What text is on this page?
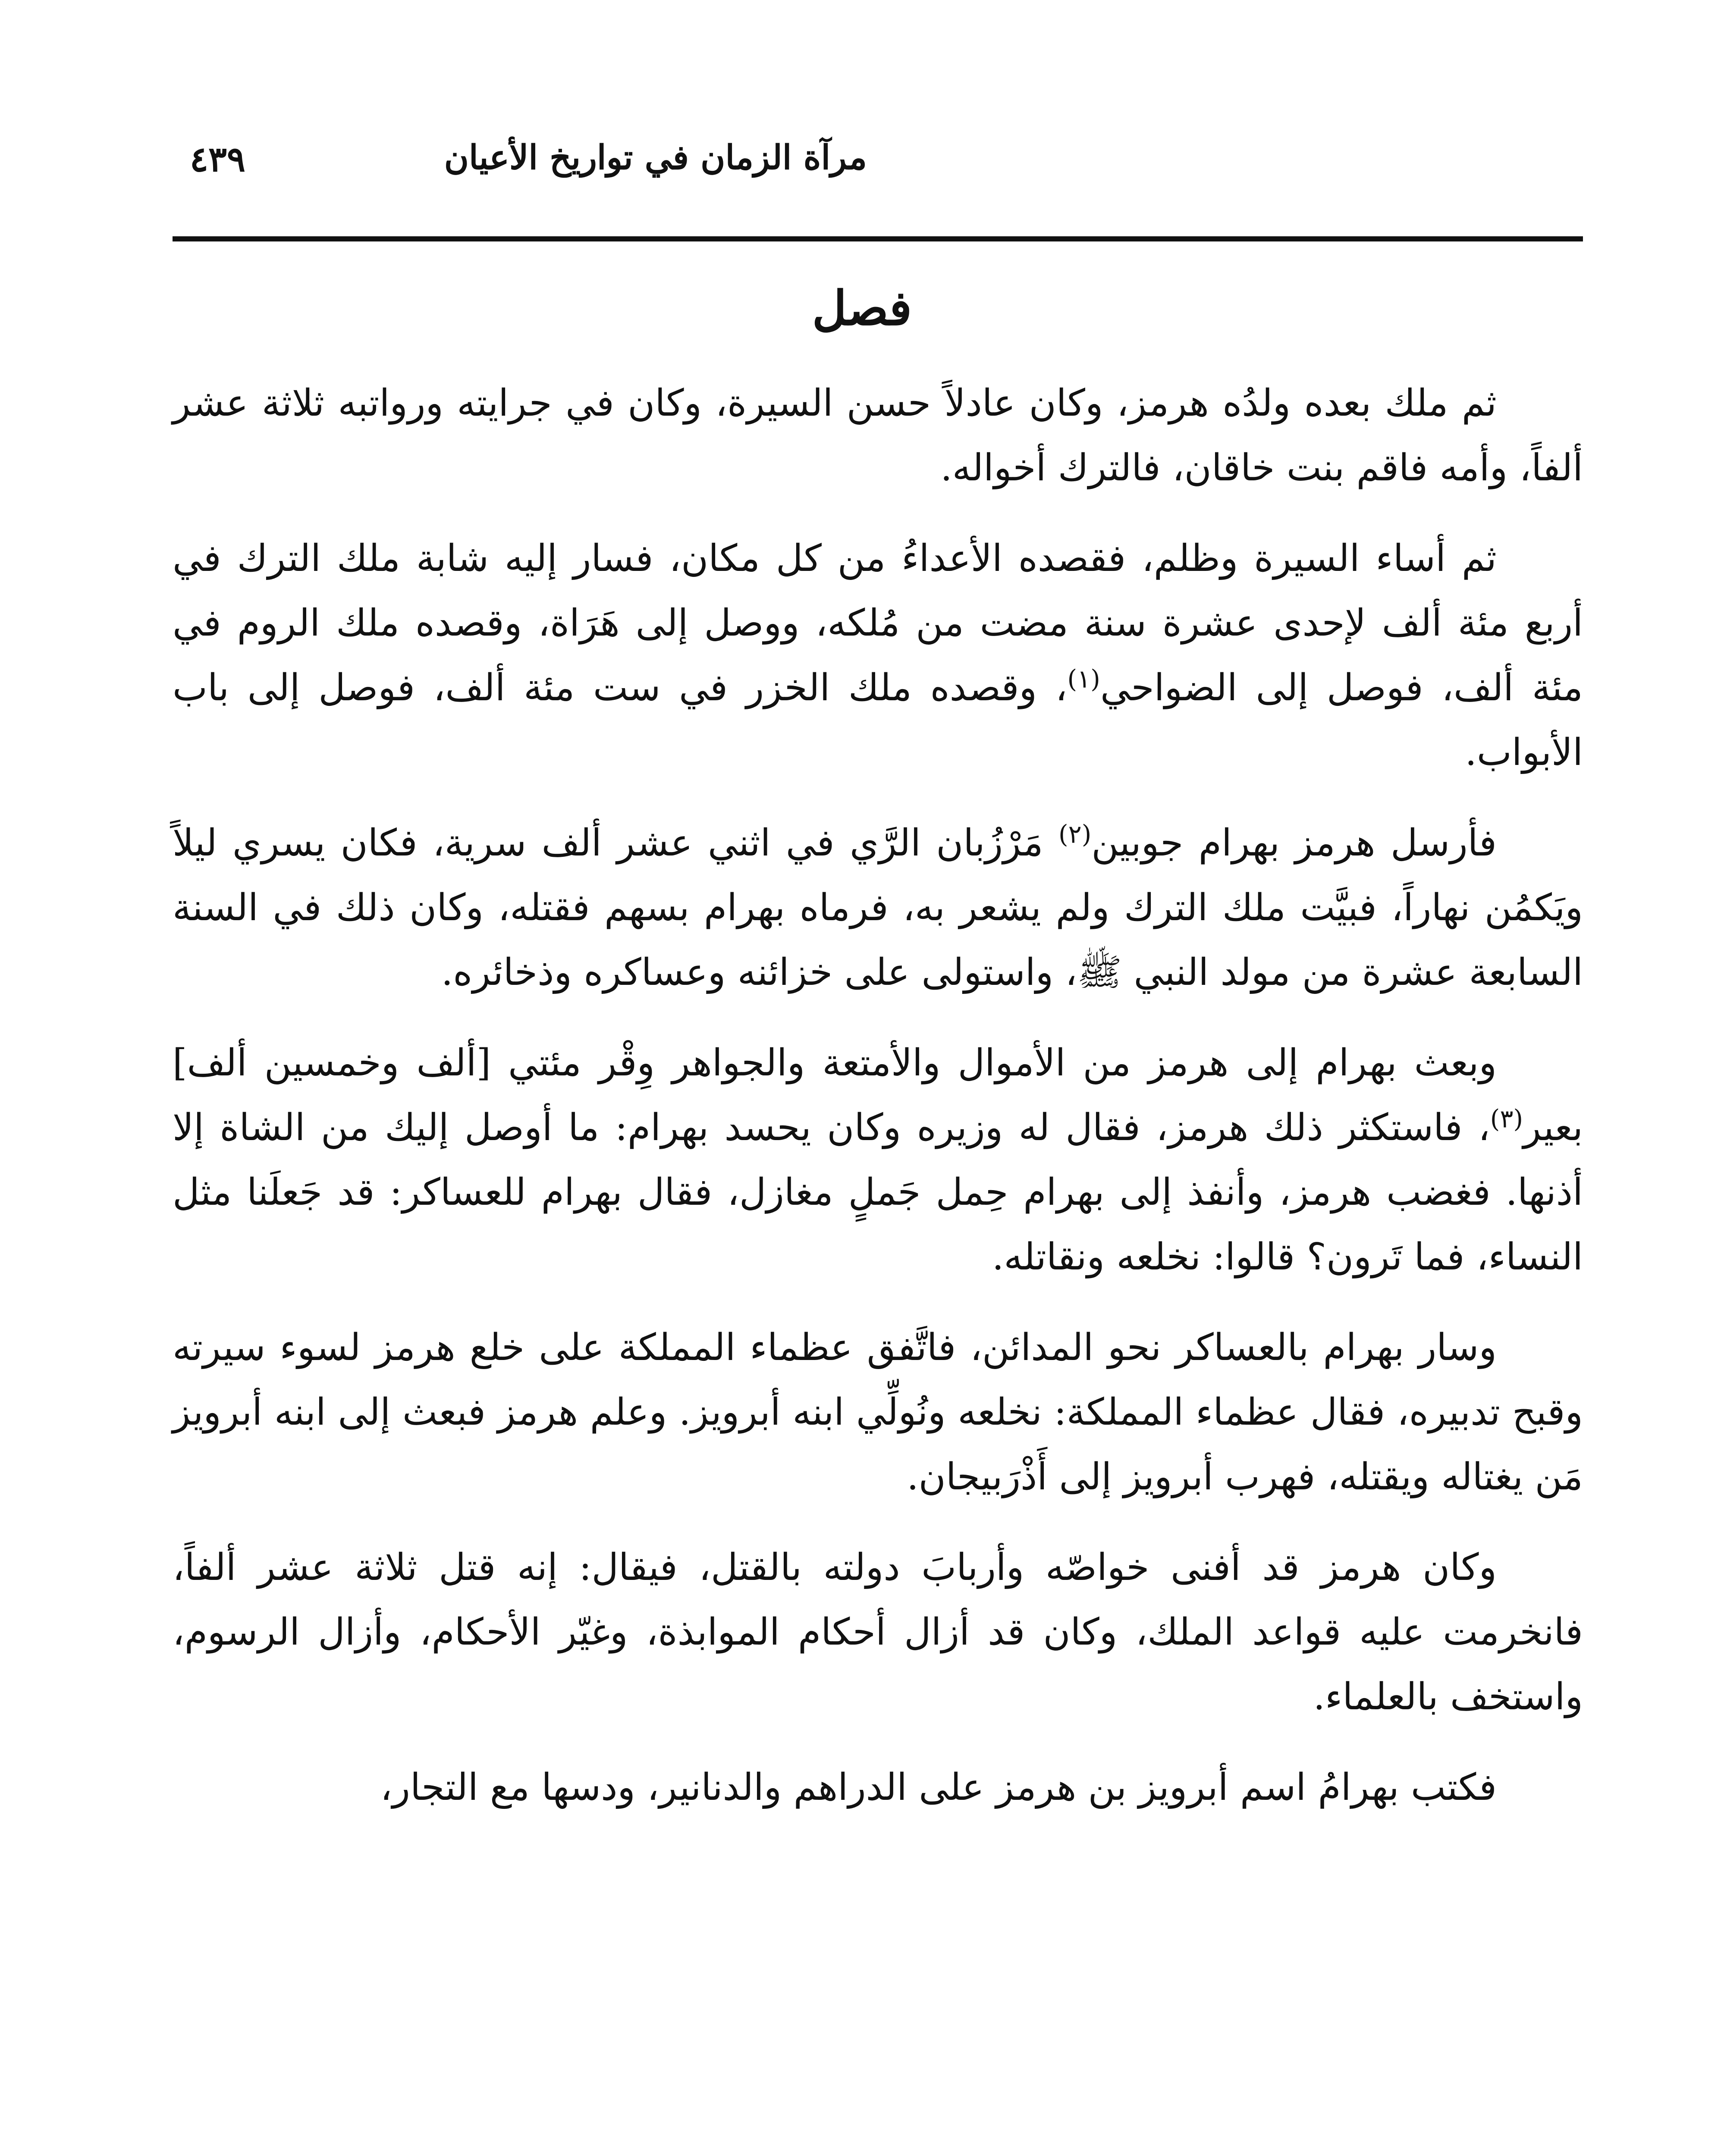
مرآة الزمان في تواريخ الأعيان
٤٣٩
فصل

ثم ملك بعده ولدُه هرمز، وكان عادلاً حسن السيرة، وكان في جرايته ورواتبه ثلاثة عشر ألفاً، وأمه فاقم بنت خاقان، فالترك أخواله.

ثم أساء السيرة وظلم، فقصده الأعداءُ من كل مكان، فسار إليه شابة ملك الترك في أربع مئة ألف لإحدى عشرة سنة مضت من مُلكه، ووصل إلى هَرَاة، وقصده ملك الروم في مئة ألف، فوصل إلى الضواحي$^{(١)}$، وقصده ملك الخزر في ست مئة ألف، فوصل إلى باب الأبواب.

فأرسل هرمز بهرام جوبين$^{(٢)}$ مَرْزُبان الرَّي في اثني عشر ألف سرية، فكان يسري ليلاً ويَكمُن نهاراً، فبيَّت ملك الترك ولم يشعر به، فرماه بهرام بسهم فقتله، وكان ذلك في السنة السابعة عشرة من مولد النبي ﷺ، واستولى على خزائنه وعساكره وذخائره.

وبعث بهرام إلى هرمز من الأموال والأمتعة والجواهر وِقْر مئتي [ألف وخمسين ألف] بعير$^{(٣)}$، فاستكثر ذلك هرمز، فقال له وزيره وكان يحسد بهرام: ما أوصل إليك من الشاة إلا أذنها. فغضب هرمز، وأنفذ إلى بهرام حِمل جَملٍ مغازل، فقال بهرام للعساكر: قد جَعلَنا مثل النساء، فما تَرون؟ قالوا: نخلعه ونقاتله.

وسار بهرام بالعساكر نحو المدائن، فاتَّفق عظماء المملكة على خلع هرمز لسوء سيرته وقبح تدبيره، فقال عظماء المملكة: نخلعه ونُولِّي ابنه أبرويز. وعلم هرمز فبعث إلى ابنه أبرويز مَن يغتاله ويقتله، فهرب أبرويز إلى أَذْرَبيجان.

وكان هرمز قد أفنى خواصّه وأربابَ دولته بالقتل، فيقال: إنه قتل ثلاثة عشر ألفاً، فانخرمت عليه قواعد الملك، وكان قد أزال أحكام الموابذة، وغيّر الأحكام، وأزال الرسوم، واستخف بالعلماء.

فكتب بهرامُ اسم أبرويز بن هرمز على الدراهم والدنانير، ودسها مع التجار،
